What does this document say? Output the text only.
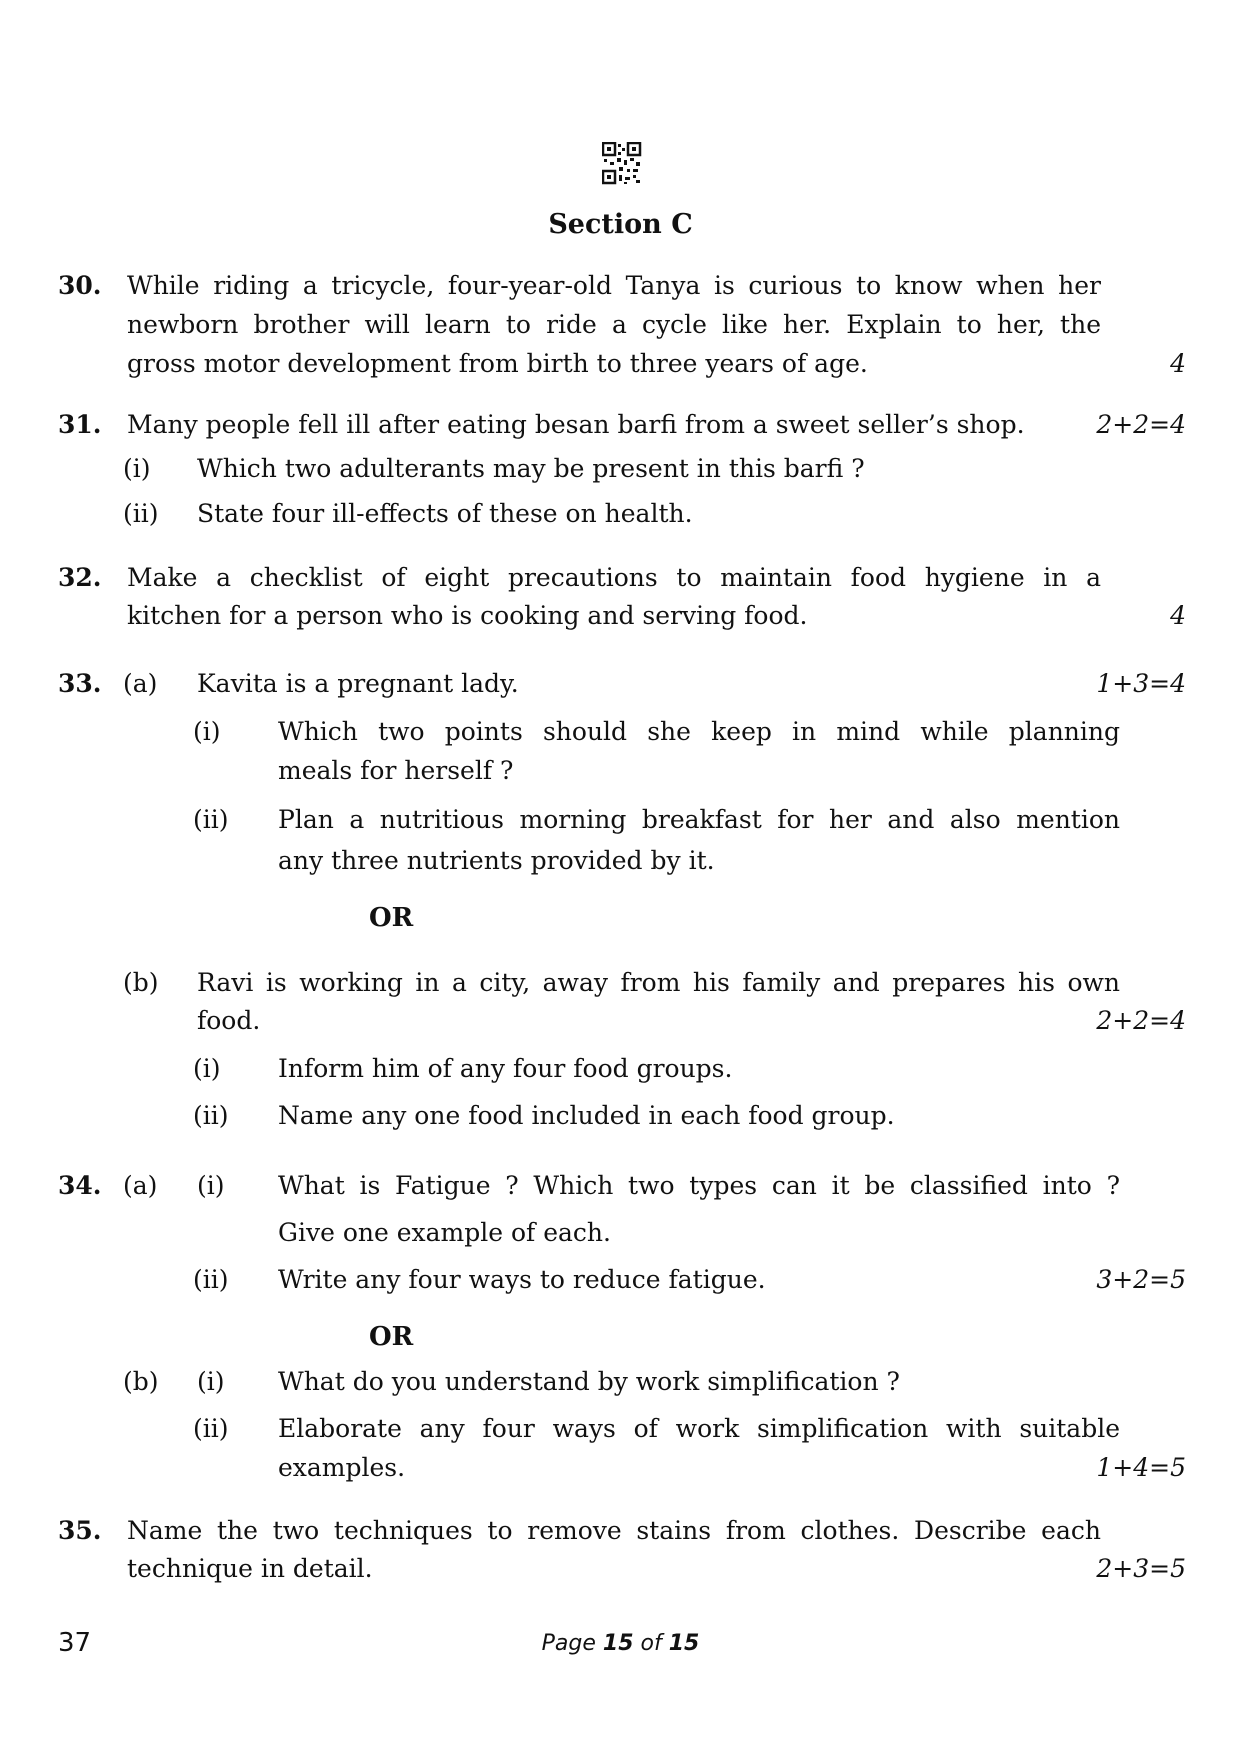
Section C
30. While riding a tricycle, four-year-old Tanya is curious to know when her
newborn brother will learn to ride a cycle like her. Explain to her, the
gross motor development from birth to three years of age.	4
31. Many people fell ill after eating besan barfi from a sweet seller’s shop.	2+2=4
(i) Which two adulterants may be present in this barfi ?
(ii) State four ill-effects of these on health.
32. Make a checklist of eight precautions to maintain food hygiene in a
kitchen for a person who is cooking and serving food.	4
33. (a) Kavita is a pregnant lady.	1+3=4
(i) Which two points should she keep in mind while planning
meals for herself ?
(ii) Plan a nutritious morning breakfast for her and also mention
any three nutrients provided by it.
OR
(b) Ravi is working in a city, away from his family and prepares his own
food.	2+2=4
(i) Inform him of any four food groups.
(ii) Name any one food included in each food group.
34. (a) (i) What is Fatigue ? Which two types can it be classified into ?
Give one example of each.
(ii) Write any four ways to reduce fatigue.	3+2=5
OR
(b) (i) What do you understand by work simplification ?
(ii) Elaborate any four ways of work simplification with suitable
examples.	1+4=5
35. Name the two techniques to remove stains from clothes. Describe each
technique in detail.	2+3=5
37	Page 15 of 15
